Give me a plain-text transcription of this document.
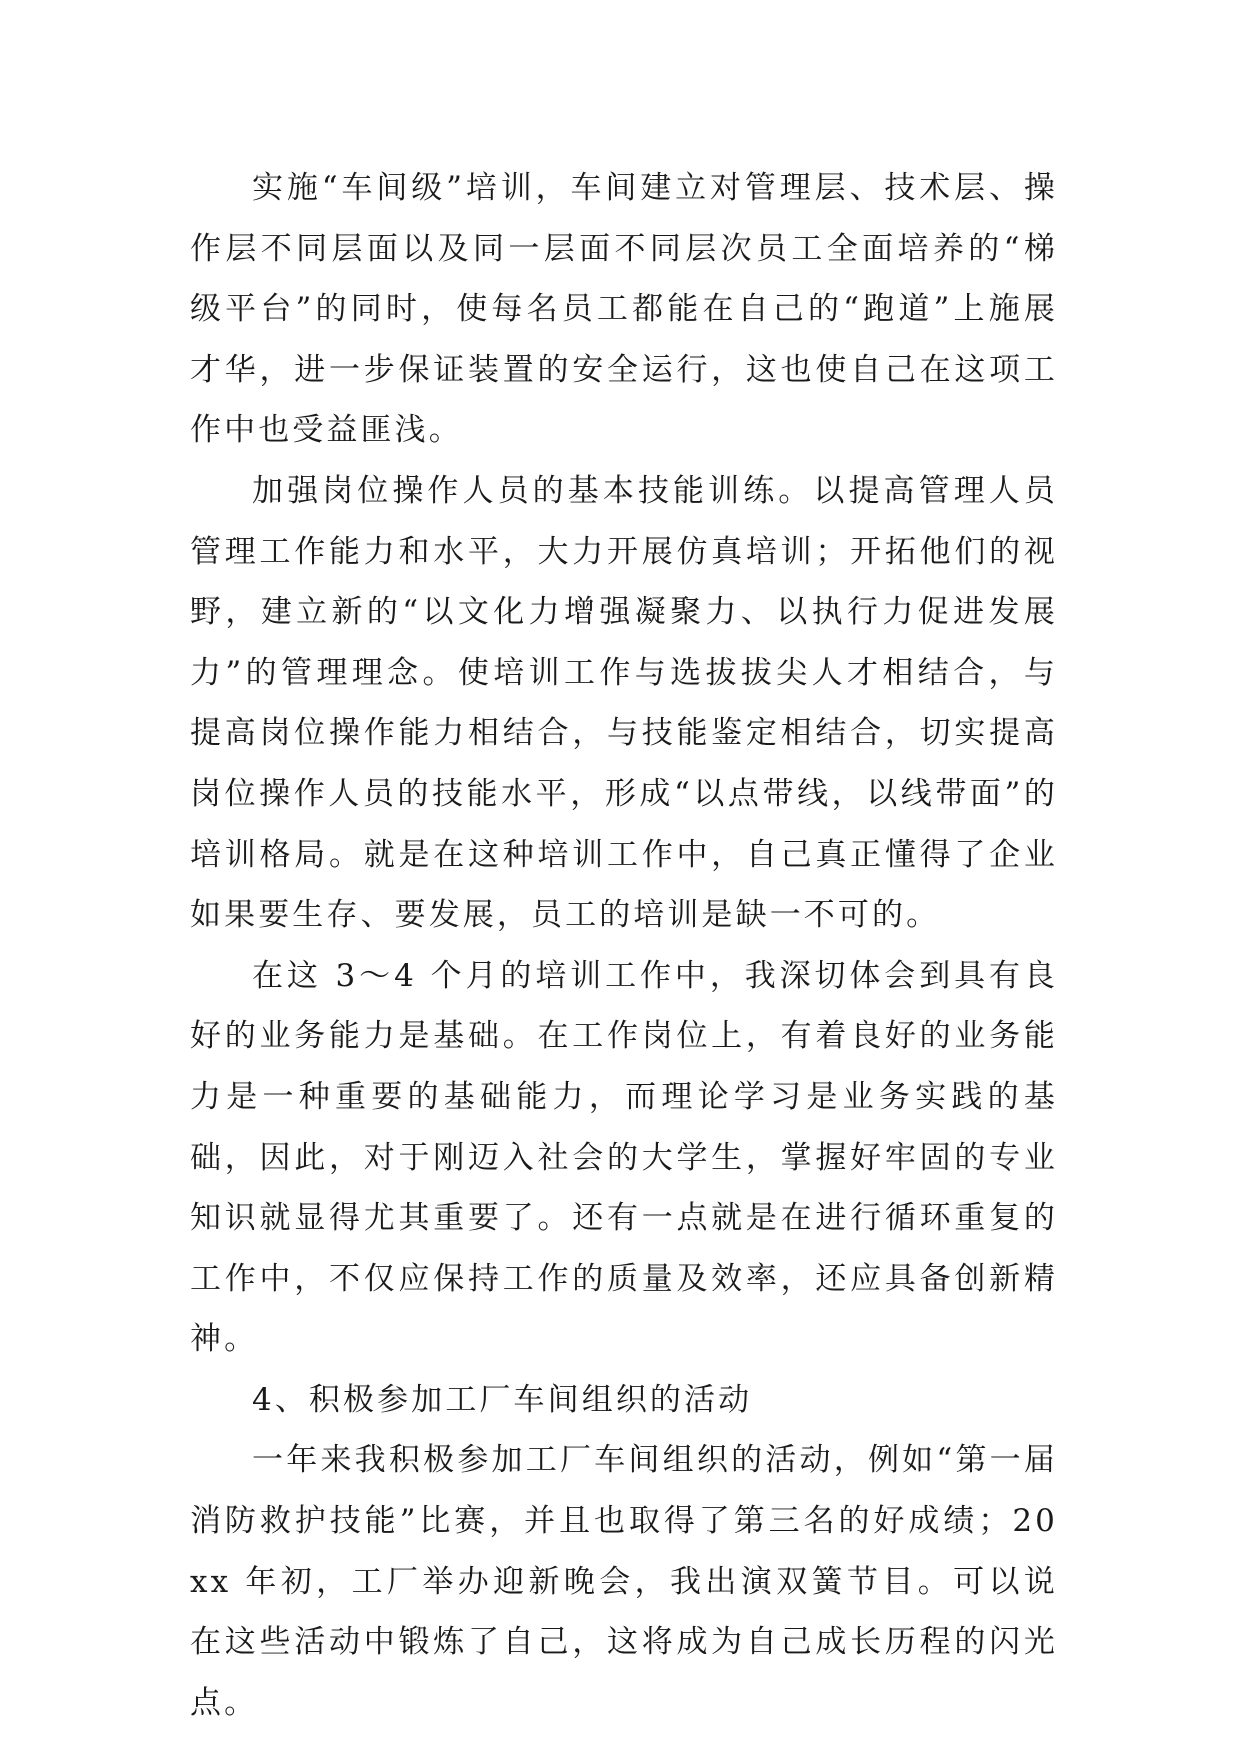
实施“车间级”培训，车间建立对管理层、技术层、操作层不同层面以及同一层面不同层次员工全面培养的“梯级平台”的同时，使每名员工都能在自己的“跑道”上施展才华，进一步保证装置的安全运行，这也使自己在这项工作中也受益匪浅。

加强岗位操作人员的基本技能训练。以提高管理人员管理工作能力和水平，大力开展仿真培训；开拓他们的视野，建立新的“以文化力增强凝聚力、以执行力促进发展力”的管理理念。使培训工作与选拔拔尖人才相结合，与提高岗位操作能力相结合，与技能鉴定相结合，切实提高岗位操作人员的技能水平，形成“以点带线，以线带面”的培训格局。就是在这种培训工作中，自己真正懂得了企业如果要生存、要发展，员工的培训是缺一不可的。

在这 3～4 个月的培训工作中，我深切体会到具有良好的业务能力是基础。在工作岗位上，有着良好的业务能力是一种重要的基础能力，而理论学习是业务实践的基础，因此，对于刚迈入社会的大学生，掌握好牢固的专业知识就显得尤其重要了。还有一点就是在进行循环重复的工作中，不仅应保持工作的质量及效率，还应具备创新精神。

4、积极参加工厂车间组织的活动

一年来我积极参加工厂车间组织的活动，例如“第一届消防救护技能”比赛，并且也取得了第三名的好成绩；20xx 年初，工厂举办迎新晚会，我出演双簧节目。可以说在这些活动中锻炼了自己，这将成为自己成长历程的闪光点。
